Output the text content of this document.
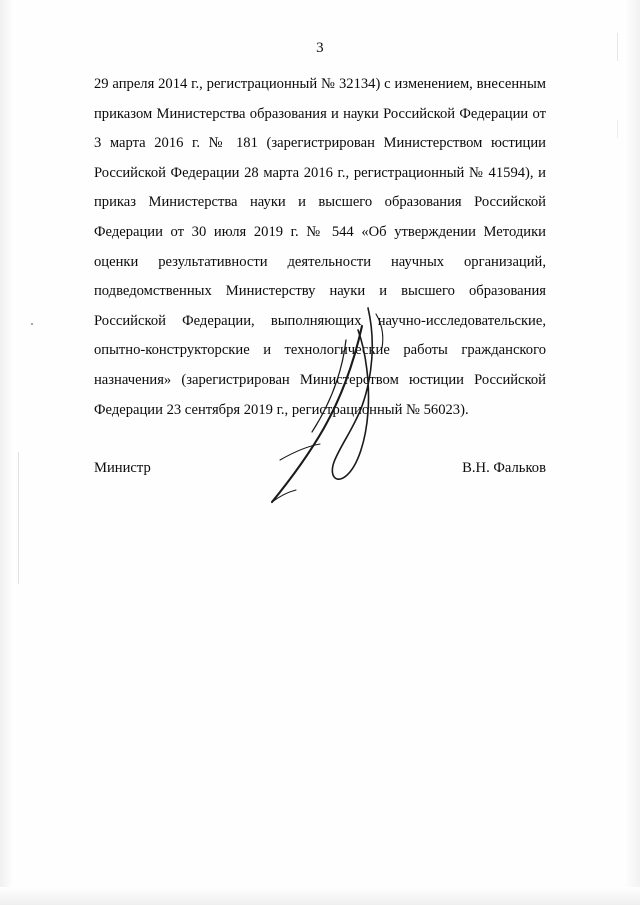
3

29 апреля 2014 г., регистрационный № 32134) с изменением, внесенным приказом Министерства образования и науки Российской Федерации от 3 марта 2016 г. № 181 (зарегистрирован Министерством юстиции Российской Федерации 28 марта 2016 г., регистрационный № 41594), и приказ Министерства науки и высшего образования Российской Федерации от 30 июля 2019 г. № 544 «Об утверждении Методики оценки результативности деятельности научных организаций, подведомственных Министерству науки и высшего образования Российской Федерации, выполняющих научно-исследовательские, опытно-конструкторские и технологические работы гражданского назначения» (зарегистрирован Министерством юстиции Российской Федерации 23 сентября 2019 г., регистрационный № 56023).

Министр	В.Н. Фальков
